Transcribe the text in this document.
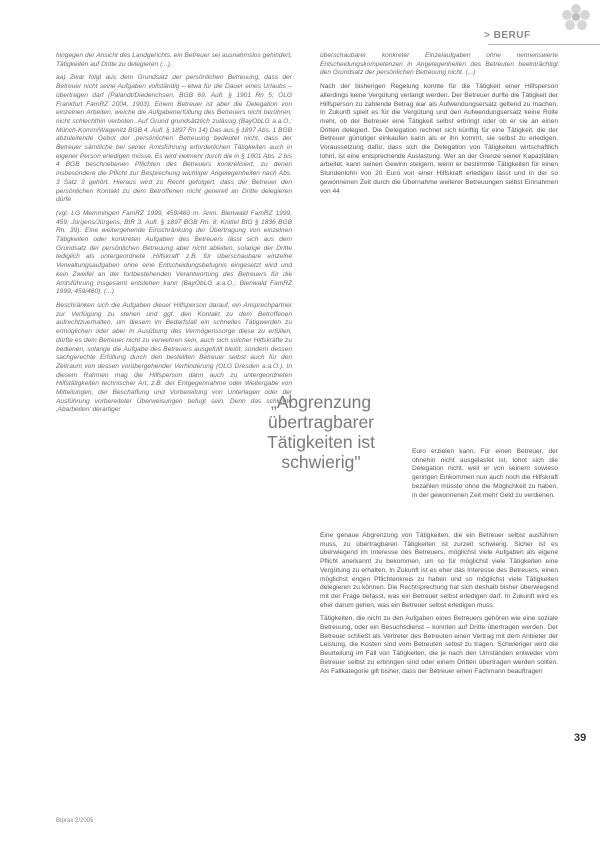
> BERUF

hingegen der Ansicht des Landgerichts, ein Betreuer sei ausnahmslos gehindert, Tätigkeiten auf Dritte zu delegieren (...).

aa) Zwar folgt aus dem Grundsatz der persönlichen Betreuung, dass der Betreuer nicht seine Aufgaben vollständig – etwa für die Dauer eines Urlaubs – übertragen darf (Palandt/Diederichsen, BGB 69. Aufl. § 1901 Rn 5; OLG Frankfurt FamRZ 2004, 1903). Einem Betreuer ist aber die Delegation von einzelnen Arbeiten, welche die Aufgabenerfüllung des Betreuers nicht berühren, nicht schlechthin verboten. Auf Grund grundsätzlich zulässig (BayObLG a.a.O.; Münch-Komm/Wagenitz BGB 4. Aufl. § 1897 Rn 14) Das aus § 1897 Abs. 1 BGB abzuleitende Gebot der ‚persönlichen' Betreuung bedeutet nicht, dass der Betreuer sämtliche bei seiner Amtsführung erforderlichen Tätigkeiten auch in eigener Person erledigen müsse. Es wird vielmehr durch die in § 1901 Abs. 2 bis 4 BGB beschriebenen Pflichten des Betreuers konkretisiert, zu denen insbesondere die Pflicht zur Besprechung wichtiger Angelegenheiten nach Abs. 3 Satz 3 gehört. Hieraus wird zu Recht gefolgert, dass der Betreuer den persönlichen Kontakt zu dem Betroffenen nicht generell an Dritte delegieren dürfe

(vgl. LG Memmingen FamRZ 1999, 459/460 m. Anm. Bienwald FamRZ 1999, 459; Jürgens/Jürgens, BtR 3. Aufl. § 1897 BGB Rn. 8; Knittel BtG § 1836 BGB Rn. 39). Eine weitergehende Einschränkung der Übertragung von einzelnen Tätigkeiten oder konkreten Aufgaben des Betreuers lässt sich aus dem Grundsatz der persönlichen Betreuung aber nicht ableiten, solange der Dritte lediglich als untergeordnete ‚Hilfskraft' z.B. für überschaubare einzelne Verwaltungsaufgaben ohne eine Entscheidungsbefugnis eingesetzt wird und kein Zweifel an der fortbestehenden Verantwortung des Betreuers für die Amtsführung insgesamt entstehen kann (BayObLG a.a.O.; Bienwald FamRZ 1999, 459/460). (...)

Beschränken sich die Aufgaben dieser Hilfsperson darauf, ein Ansprechpartner zur Verfügung zu stehen und ggf. den Kontakt zu dem Betroffenen aufrechtzuerhalten, um diesem im Bedarfsfall ein schnelles Tätigwerden zu ermöglichen oder aber in Ausübung des Vermögenssorge diese zu erfüllen, dürfte es dem Betreuer nicht zu verwehren sein, auch sich solcher Hilfskräfte zu bedienen, solange die Aufgabe des Betreuers ausgefüllt bleibt, sondern dessen sachgerechte Erfüllung durch den bestellten Betreuer selbst auch für den Zeitraum von dessen vorübergehender Verhinderung (OLG Dresden a.a.O.). In diesem Rahmen mag die Hilfsperson dann auch zu untergeordneten Hilfstätigkeiten technischer Art, z.B. der Entgegennahme oder Weitergabe von Mitteilungen, der Beschaffung und Vorbereitung von Unterlagen oder der Ausführung vorbereiteter Überweisungen befugt sein. Denn das schlichte ‚Abarbeiten' derartiger

überschaubarer konkreter Einzelaufgaben ohne nennenswerte Entscheidungskompetenzen in Angelegenheiten des Betreuten beeinträchtigt den Grundsatz der persönlichen Betreuung nicht. (...)

Nach der bisherigen Regelung konnte für die Tätigkeit einer Hilfsperson allerdings keine Vergütung verlangt werden. Der Betreuer durfte die Tätigkeit der Hilfsperson zu zahlende Betrag war als Aufwendungsersatz geltend zu machen. In Zukunft spielt es für die Vergütung und den Aufwendungsersatz keine Rolle mehr, ob der Betreuer eine Tätigkeit selbst erbringt oder ob er sie an einen Dritten delegiert. Die Delegation rechnet sich künftig für eine Tätigkeit, die der Betreuer günstiger einkaufen kann als er ihn kommt, sie selbst zu erledigen. Voraussetzung dafür, dass sich die Delegation von Tätigkeiten wirtschaftlich lohnt, ist eine entsprechende Auslastung. Wer an der Grenze seiner Kapazitäten arbeitet, kann seinen Gewinn steigern, wenn er bestimmte Tätigkeiten für einen Stundenlohn von 20 Euro von einer Hilfskraft erledigen lässt und in der so gewonnenen Zeit durch die Übernahme weiterer Betreuungen selbst Einnahmen von 44

„Abgrenzung übertragbarer Tätigkeiten ist schwierig"
Euro erzielen kann. Für einen Betreuer, der ohnehin nicht ausgelastet ist, lohnt sich die Delegation nicht, weil er von seinem sowieso geringen Einkommen nun auch noch die Hilfskraft bezahlen müsste ohne die Möglichkeit zu haben, in der gewonnenen Zeit mehr Geld zu verdienen.

Eine genaue Abgrenzung von Tätigkeiten, die ein Betreuer selbst ausführen muss, zu übertragbaren Tätigkeiten ist zurzeit schwierig. Sicher ist es überwiegend im Interesse des Betreuers, möglichst viele Aufgaben als eigene Pflicht anerkannt zu bekommen, um so für möglichst viele Tätigkeiten eine Vergütung zu erhalten. In Zukunft ist es eher das Interesse des Betreuers, einen möglichst engen Pflichtenkreis zu haben und so möglichst viele Tätigkeiten delegieren zu können. Die Rechtsprechung hat sich deshalb bisher überwiegend mit der Frage befasst, was ein Betreuer selbst erledigen darf. In Zukunft wird es eher darum gehen, was ein Betreuer selbst erledigen muss.

Tätigkeiten, die nicht zu den Aufgaben eines Betreuers gehören wie eine soziale Betreuung, oder ein Besuchsdienst – konnten auf Dritte übertragen werden. Der Betreuer schließt als Vertreter des Betreuten einen Vertrag mit dem Anbieter der Leistung, die Kosten sind vom Betreuten selbst zu tragen. Schwieriger wird die Beurteilung im Fall von Tätigkeiten, die je nach den Umständen entweder vom Betreuer selbst zu erbringen sind oder einem Dritten übertragen werden sollten. Als Fallkategorie gilt bisher, dass der Betreuer einen Fachmann beauftragen

39
Btprax 2/2005
